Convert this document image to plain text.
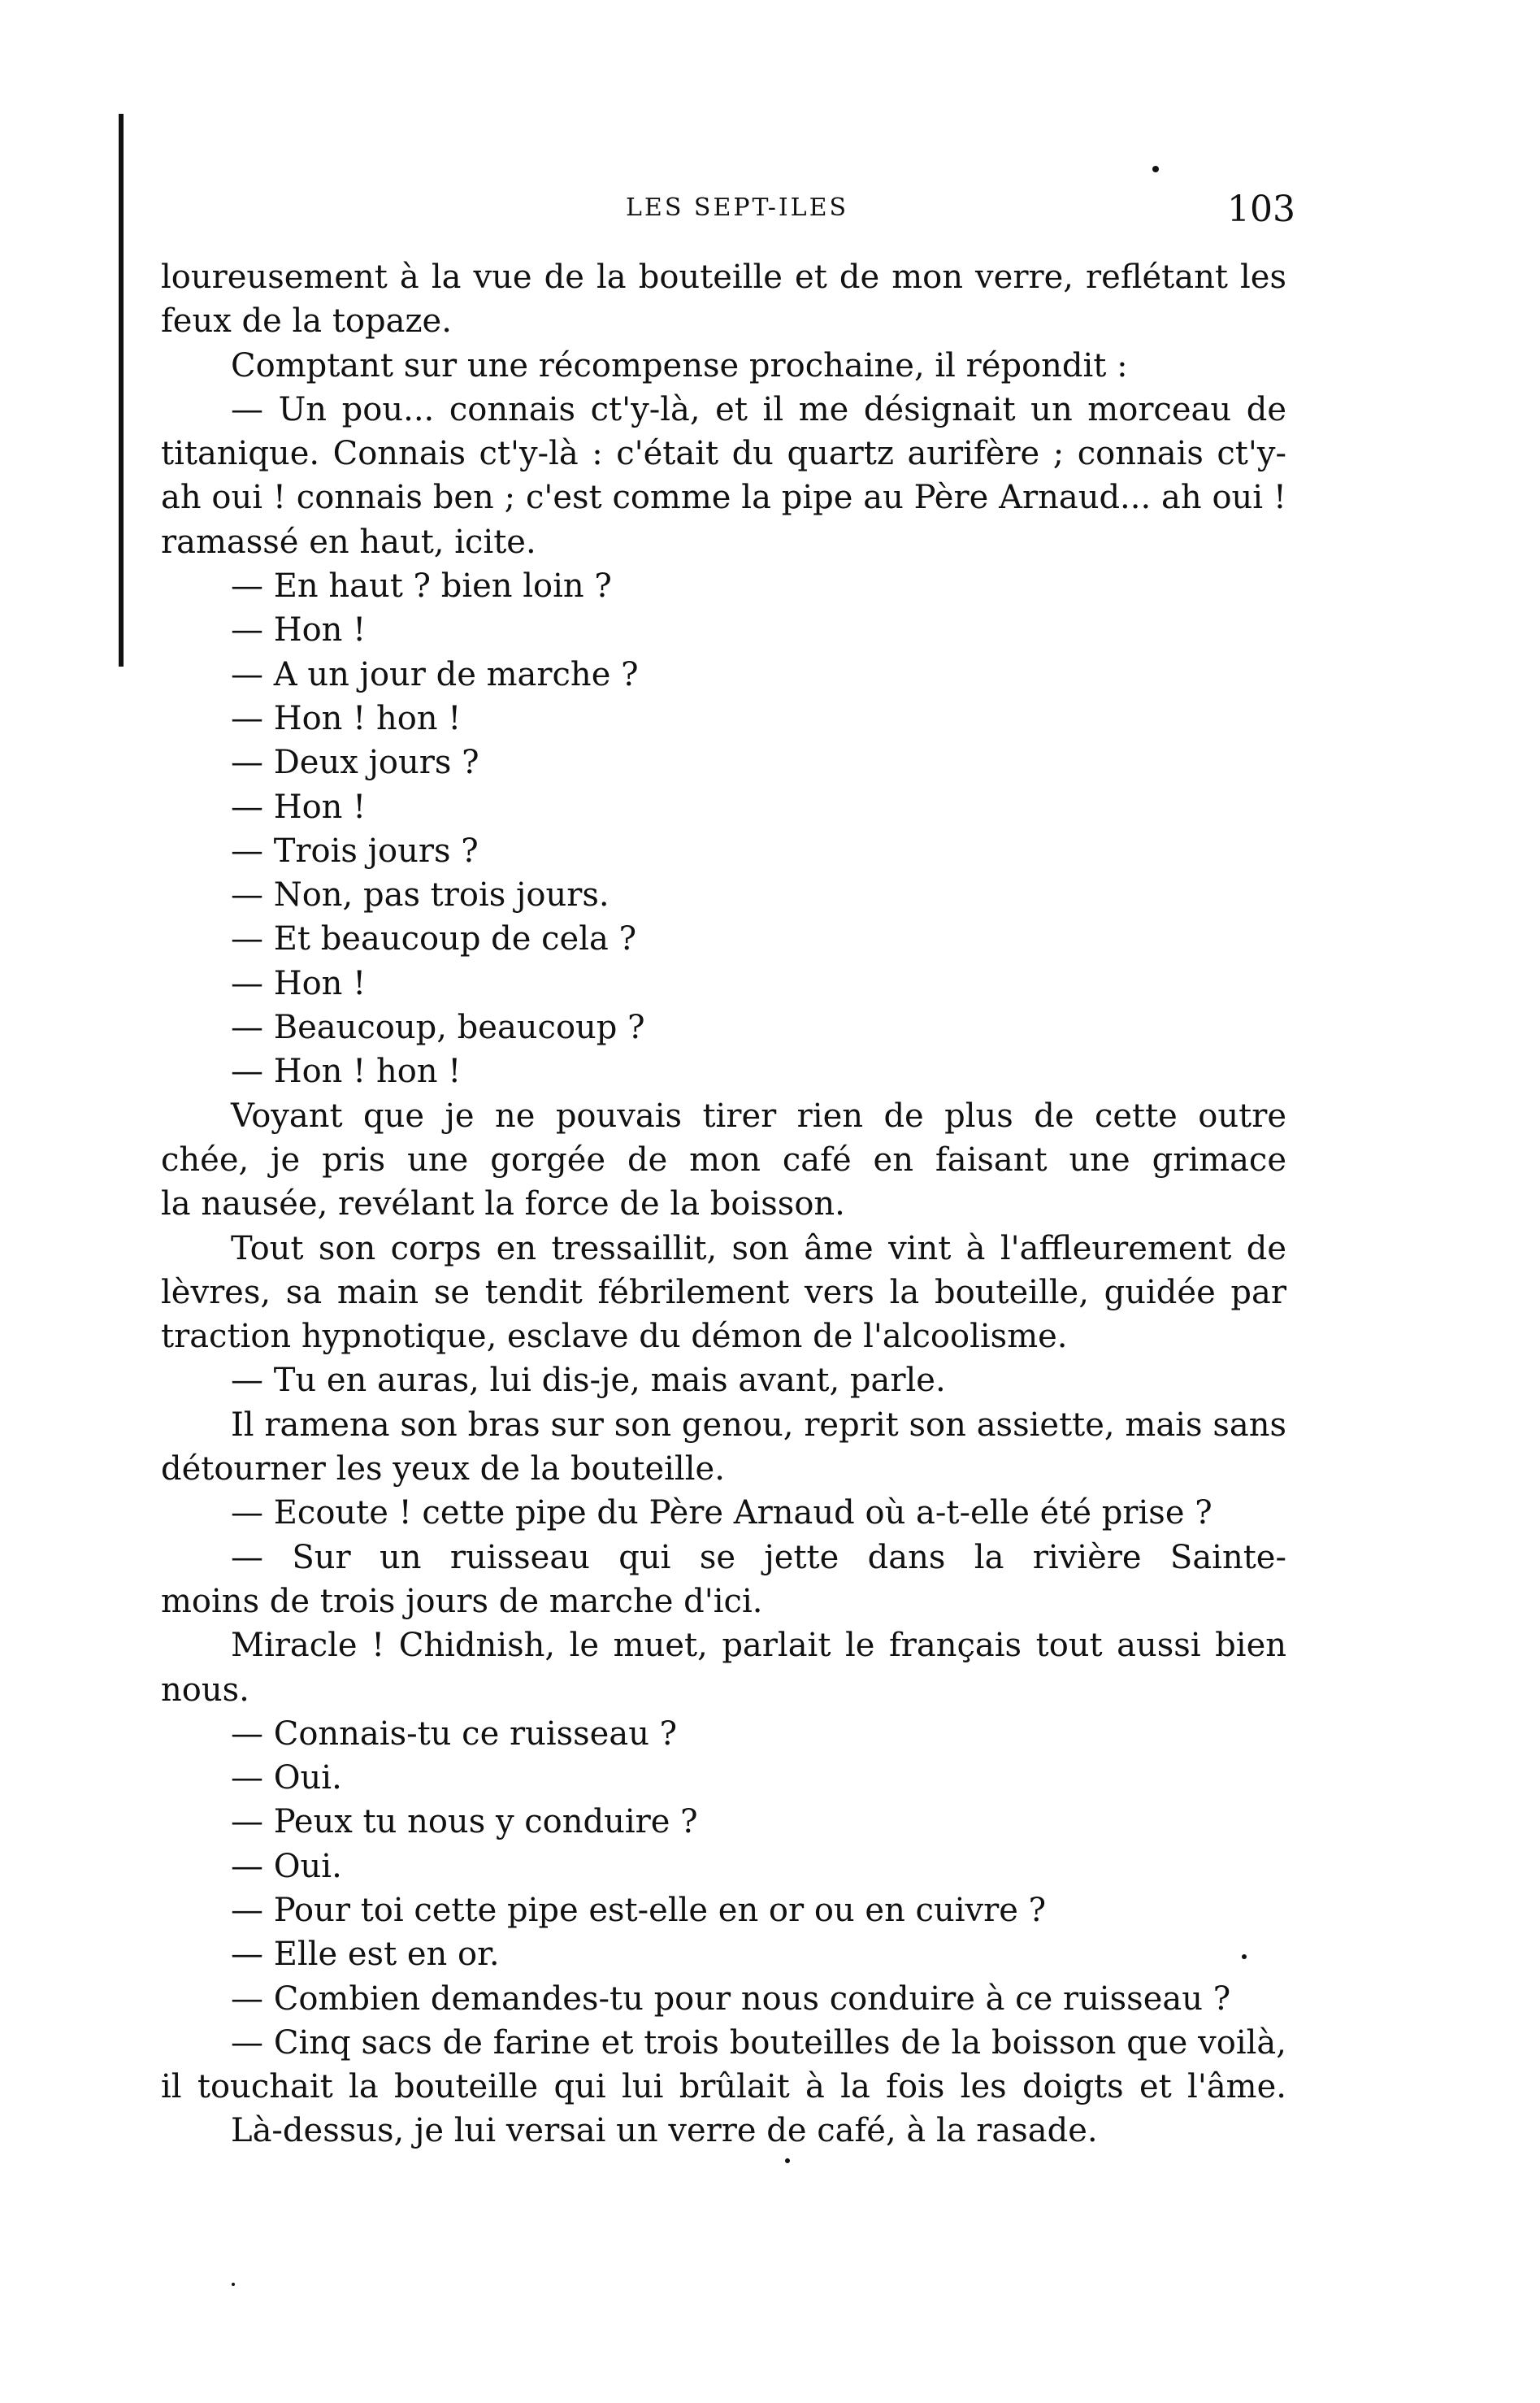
LES SEPT-ILES	103
loureusement à la vue de la bouteille et de mon verre, reflétant les
feux de la topaze.
Comptant sur une récompense prochaine, il répondit :
— Un pou... connais ct'y-là, et il me désignait un morceau de
titanique. Connais ct'y-là : c'était du quartz aurifère ; connais ct'y-
ah oui ! connais ben ; c'est comme la pipe au Père Arnaud... ah oui !
ramassé en haut, icite.
— En haut ? bien loin ?
— Hon !
— A un jour de marche ?
— Hon ! hon !
— Deux jours ?
— Hon !
— Trois jours ?
— Non, pas trois jours.
— Et beaucoup de cela ?
— Hon !
— Beaucoup, beaucoup ?
— Hon ! hon !
Voyant que je ne pouvais tirer rien de plus de cette outre
chée, je pris une gorgée de mon café en faisant une grimace
la nausée, revélant la force de la boisson.
Tout son corps en tressaillit, son âme vint à l'affleurement de
lèvres, sa main se tendit fébrilement vers la bouteille, guidée par
traction hypnotique, esclave du démon de l'alcoolisme.
— Tu en auras, lui dis-je, mais avant, parle.
Il ramena son bras sur son genou, reprit son assiette, mais sans
détourner les yeux de la bouteille.
— Ecoute ! cette pipe du Père Arnaud où a-t-elle été prise ?
— Sur un ruisseau qui se jette dans la rivière Sainte-
moins de trois jours de marche d'ici.
Miracle ! Chidnish, le muet, parlait le français tout aussi bien
nous.
— Connais-tu ce ruisseau ?
— Oui.
— Peux tu nous y conduire ?
— Oui.
— Pour toi cette pipe est-elle en or ou en cuivre ?
— Elle est en or.
— Combien demandes-tu pour nous conduire à ce ruisseau ?
— Cinq sacs de farine et trois bouteilles de la boisson que voilà,
il touchait la bouteille qui lui brûlait à la fois les doigts et l'âme.
Là-dessus, je lui versai un verre de café, à la rasade.
